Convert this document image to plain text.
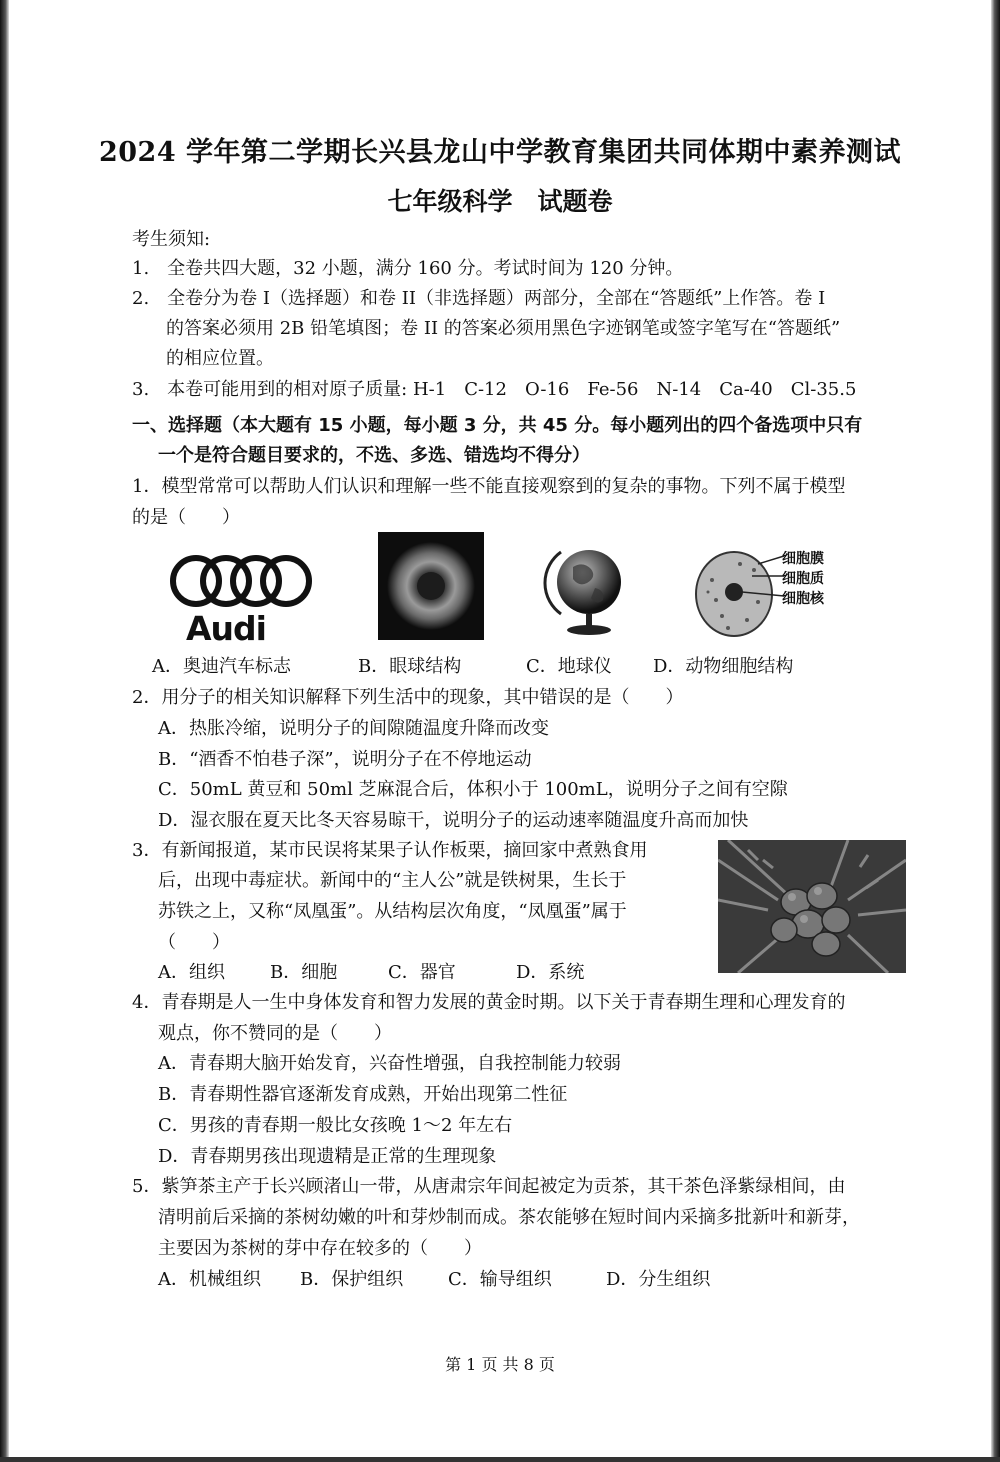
2024 学年第二学期长兴县龙山中学教育集团共同体期中素养测试
七年级科学　试题卷
考生须知:
1.　全卷共四大题，32 小题，满分 160 分。考试时间为 120 分钟。
2.　全卷分为卷 I（选择题）和卷 II（非选择题）两部分，全部在“答题纸”上作答。卷 I
的答案必须用 2B 铅笔填图；卷 II 的答案必须用黑色字迹钢笔或签字笔写在“答题纸”
的相应位置。
3.　本卷可能用到的相对原子质量: H-1　C-12　O-16　Fe-56　N-14　Ca-40　Cl-35.5
一、选择题（本大题有 15 小题，每小题 3 分，共 45 分。每小题列出的四个备选项中只有
一个是符合题目要求的，不选、多选、错选均不得分）
1．模型常常可以帮助人们认识和理解一些不能直接观察到的复杂的事物。下列不属于模型
的是（　　）
Audi
细胞膜
细胞质
细胞核
A．奥迪汽车标志	B．眼球结构	C．地球仪 D．动物细胞结构
2．用分子的相关知识解释下列生活中的现象，其中错误的是（　　）
A．热胀冷缩，说明分子的间隙随温度升降而改变
B．“酒香不怕巷子深”，说明分子在不停地运动
C．50mL 黄豆和 50ml 芝麻混合后，体积小于 100mL，说明分子之间有空隙
D．湿衣服在夏天比冬天容易晾干，说明分子的运动速率随温度升高而加快
3．有新闻报道，某市民误将某果子认作板栗，摘回家中煮熟食用
后，出现中毒症状。新闻中的“主人公”就是铁树果，生长于
苏铁之上，又称“凤凰蛋”。从结构层次角度，“凤凰蛋”属于
（　　）
A．组织	B．细胞	C．器官	D．系统
4．青春期是人一生中身体发育和智力发展的黄金时期。以下关于青春期生理和心理发育的
观点，你不赞同的是（　　）
A．青春期大脑开始发育，兴奋性增强，自我控制能力较弱
B．青春期性器官逐渐发育成熟，开始出现第二性征
C．男孩的青春期一般比女孩晚 1～2 年左右
D．青春期男孩出现遗精是正常的生理现象
5．紫笋茶主产于长兴顾渚山一带，从唐肃宗年间起被定为贡茶，其干茶色泽紫绿相间，由
清明前后采摘的茶树幼嫩的叶和芽炒制而成。茶农能够在短时间内采摘多批新叶和新芽，
主要因为茶树的芽中存在较多的（　　）
A．机械组织 B．保护组织 C．输导组织	D．分生组织
第 1 页 共 8 页
